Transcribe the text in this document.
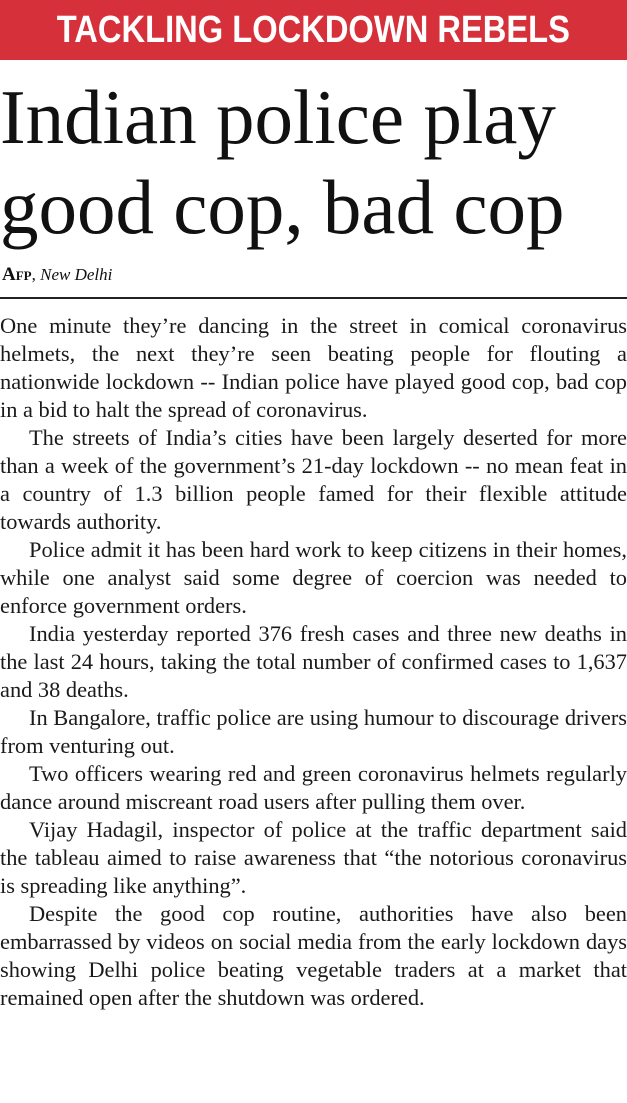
TACKLING LOCKDOWN REBELS
Indian police play good cop, bad cop
Afp, New Delhi

One minute they’re dancing in the street in comical coronavirus helmets, the next they’re seen beating people for flouting a nationwide lockdown -- Indian police have played good cop, bad cop in a bid to halt the spread of coronavirus.

The streets of India’s cities have been largely deserted for more than a week of the government’s 21-day lockdown -- no mean feat in a country of 1.3 billion people famed for their flexible attitude towards authority.

Police admit it has been hard work to keep citizens in their homes, while one analyst said some degree of coercion was needed to enforce government orders.

India yesterday reported 376 fresh cases and three new deaths in the last 24 hours, taking the total number of confirmed cases to 1,637 and 38 deaths.

In Bangalore, traffic police are using humour to discourage drivers from venturing out.

Two officers wearing red and green coronavirus helmets regularly dance around miscreant road users after pulling them over.

Vijay Hadagil, inspector of police at the traffic department said the tableau aimed to raise awareness that “the notorious coronavirus is spreading like anything”.

Despite the good cop routine, authorities have also been embarrassed by videos on social media from the early lockdown days showing Delhi police beating vegetable traders at a market that remained open after the shutdown was ordered.
